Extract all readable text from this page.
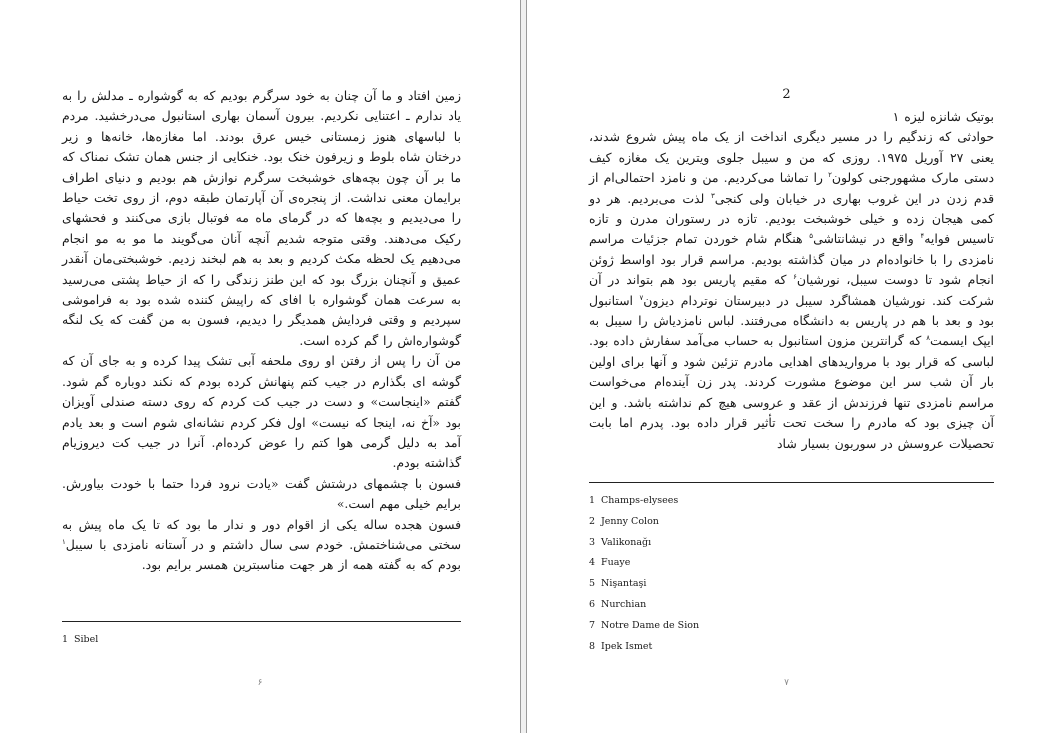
زمین افتاد و ما آن چنان به خود سرگرم بودیم که به گوشواره ـ مدلش را به یاد ندارم ـ اعتنایی نکردیم. بیرون آسمان بهاری استانبول می‌درخشید. مردم با لباسهای هنوز زمستانی خیس عرق بودند. اما مغازه‌ها، خانه‌ها و زیر درختان شاه بلوط و زیرفون خنک بود. خنکایی از جنس همان تشک نمناک که ما بر آن چون بچه‌های خوشبخت سرگرم نوازش هم بودیم و دنیای اطراف برایمان معنی نداشت. از پنجره‌ی آن آپارتمان طبقه دوم، از روی تخت حیاط را می‌دیدیم و بچه‌ها که در گرمای ماه مه فوتبال بازی می‌کنند و فحشهای رکیک می‌دهند. وقتی متوجه شدیم آنچه آنان می‌گویند ما مو به مو انجام می‌دهیم یک لحظه مکث کردیم و بعد به هم لبخند زدیم. خوشبختی‌مان آنقدر عمیق و آنچنان بزرگ بود که این طنز زندگی را که از حیاط پشتی می‌رسید به سرعت همان گوشواره با افای که راپیش کننده شده بود به فراموشی سپردیم و وقتی فردایش همدیگر را دیدیم، فسون به من گفت که یک لنگه گوشواره‌اش را گم کرده است.

من آن را پس از رفتن او روی ملحفه آبی تشک پیدا کرده و به جای آن که گوشه ای بگذارم در جیب کتم پنهانش کرده بودم که نکند دوباره گم شود. گفتم «اینجاست» و دست در جیب کت کردم که روی دسته صندلی آویزان بود «آخ نه، اینجا که نیست» اول فکر کردم نشانه‌ای شوم است و بعد یادم آمد به دلیل گرمی هوا کتم را عوض کرده‌ام. آنرا در جیب کت دیروزیام گذاشته بودم.

فسون با چشمهای درشتش گفت «یادت نرود فردا حتما با خودت بیاورش. برایم خیلی مهم است.»

فسون هجده ساله یکی از اقوام دور و ندار ما بود که تا یک ماه پیش به سختی می‌شناختمش. خودم سی سال داشتم و در آستانه نامزدی با سیبل$^۱$ بودم که به گفته همه از هر جهت مناسبترین همسر برایم بود.

1 Sibel
۶
2

بوتیک شانزه لیزه ۱

حوادثی که زندگیم را در مسیر دیگری انداخت از یک ماه پیش شروع شدند، یعنی ۲۷ آوریل ۱۹۷۵. روزی که من و سیبل جلوی ویترین یک مغازه کیف دستی مارک مشهورجنی کولون$^۲$ را تماشا می‌کردیم. من و نامزد احتمالی‌ام از قدم زدن در این غروب بهاری در خیابان ولی کنجی$^۳$ لذت می‌بردیم. هر دو کمی هیجان زده و خیلی خوشبخت بودیم. تازه در رستوران مدرن و تازه تاسیس فوایه$^۴$ واقع در نیشانتاشی$^۵$ هنگام شام خوردن تمام جزئیات مراسم نامزدی را با خانواده‌ام در میان گذاشته بودیم. مراسم قرار بود اواسط ژوئن انجام شود تا دوست سیبل، نورشیان$^۶$ که مقیم پاریس بود هم بتواند در آن شرکت کند. نورشیان همشاگرد سیبل در دبیرستان نوتردام دیزون$^۷$ استانبول بود و بعد با هم در پاریس به دانشگاه می‌رفتند. لباس نامزدیاش را سیبل به ایپک ایسمت$^۸$ که گرانترین مزون استانبول به حساب می‌آمد سفارش داده بود. لباسی که قرار بود با مرواریدهای اهدایی مادرم تزئین شود و آنها برای اولین بار آن شب سر این موضوع مشورت کردند. پدر زن آینده‌ام می‌خواست مراسم نامزدی تنها فرزندش از عقد و عروسی هیچ کم نداشته باشد. و این آن چیزی بود که مادرم را سخت تحت تأثیر قرار داده بود. پدرم اما بابت تحصیلات عروسش در سوربون بسیار شاد

1 Champs-elysees
2 Jenny Colon
3 Valikonağı
4 Fuaye
5 Nişantaşi
6 Nurchian
7 Notre Dame de Sion
8 Ipek Ismet
۷
